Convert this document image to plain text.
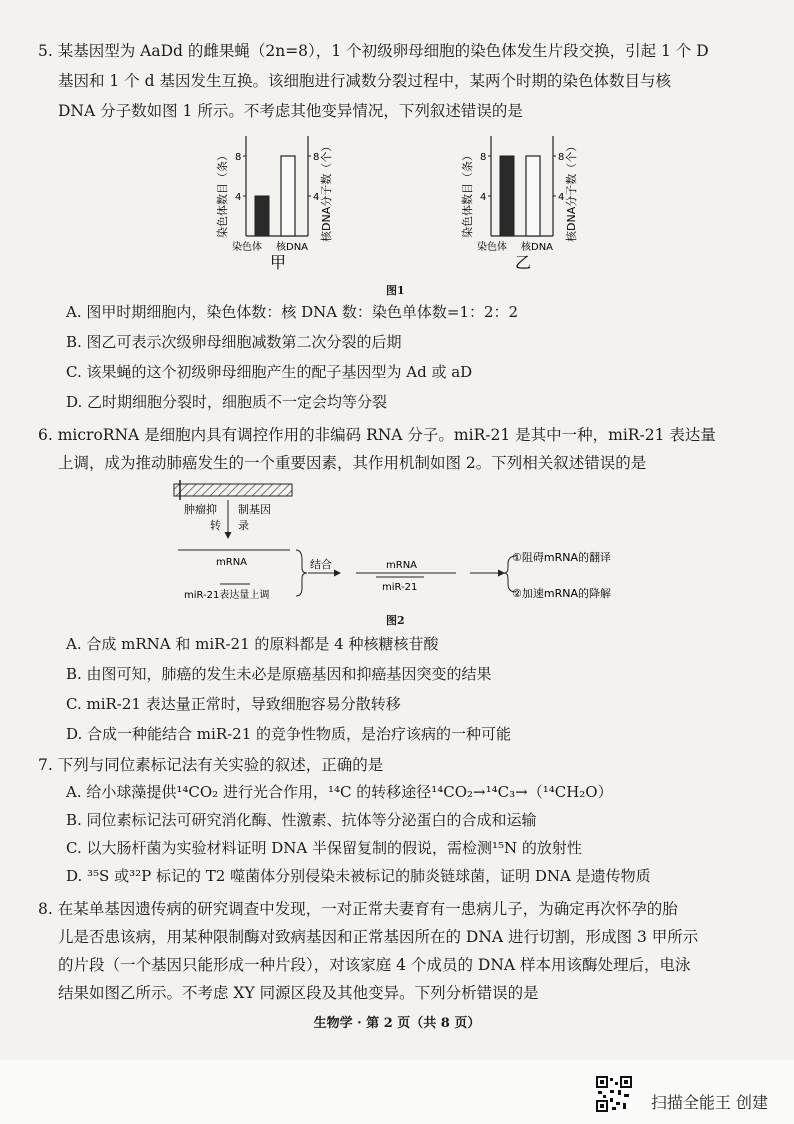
5. 某基因型为 AaDd 的雌果蝇（2n=8），1 个初级卵母细胞的染色体发生片段交换，引起 1 个 D
基因和 1 个 d 基因发生互换。该细胞进行减数分裂过程中，某两个时期的染色体数目与核
DNA 分子数如图 1 所示。不考虑其他变异情况，下列叙述错误的是
8	8
4	4
染色体 核DNA
染色体数目（条）	核DNA分子数（个）
甲
8	8
4	4
染色体 核DNA
染色体数目（条）	核DNA分子数（个）
乙
图1
A. 图甲时期细胞内，染色体数：核 DNA 数：染色单体数=1：2：2
B. 图乙可表示次级卵母细胞减数第二次分裂的后期
C. 该果蝇的这个初级卵母细胞产生的配子基因型为 Ad 或 aD
D. 乙时期细胞分裂时，细胞质不一定会均等分裂
6. microRNA 是细胞内具有调控作用的非编码 RNA 分子。miR-21 是其中一种，miR-21 表达量
上调，成为推动肺癌发生的一个重要因素，其作用机制如图 2。下列相关叙述错误的是
肿瘤抑 制基因
转 录
mRNA
miR-21表达量上调
结合	mRNA
miR-21
①阻碍mRNA的翻译
②加速mRNA的降解
图2
A. 合成 mRNA 和 miR-21 的原料都是 4 种核糖核苷酸
B. 由图可知，肺癌的发生未必是原癌基因和抑癌基因突变的结果
C. miR-21 表达量正常时，导致细胞容易分散转移
D. 合成一种能结合 miR-21 的竞争性物质，是治疗该病的一种可能
7. 下列与同位素标记法有关实验的叙述，正确的是
A. 给小球藻提供¹⁴CO₂ 进行光合作用，¹⁴C 的转移途径¹⁴CO₂→¹⁴C₃→（¹⁴CH₂O）
B. 同位素标记法可研究消化酶、性激素、抗体等分泌蛋白的合成和运输
C. 以大肠杆菌为实验材料证明 DNA 半保留复制的假说，需检测¹⁵N 的放射性
D. ³⁵S 或³²P 标记的 T2 噬菌体分别侵染未被标记的肺炎链球菌，证明 DNA 是遗传物质
8. 在某单基因遗传病的研究调查中发现，一对正常夫妻育有一患病儿子，为确定再次怀孕的胎
儿是否患该病，用某种限制酶对致病基因和正常基因所在的 DNA 进行切割，形成图 3 甲所示
的片段（一个基因只能形成一种片段），对该家庭 4 个成员的 DNA 样本用该酶处理后，电泳
结果如图乙所示。不考虑 XY 同源区段及其他变异。下列分析错误的是
生物学 · 第 2 页（共 8 页）
扫描全能王 创建
